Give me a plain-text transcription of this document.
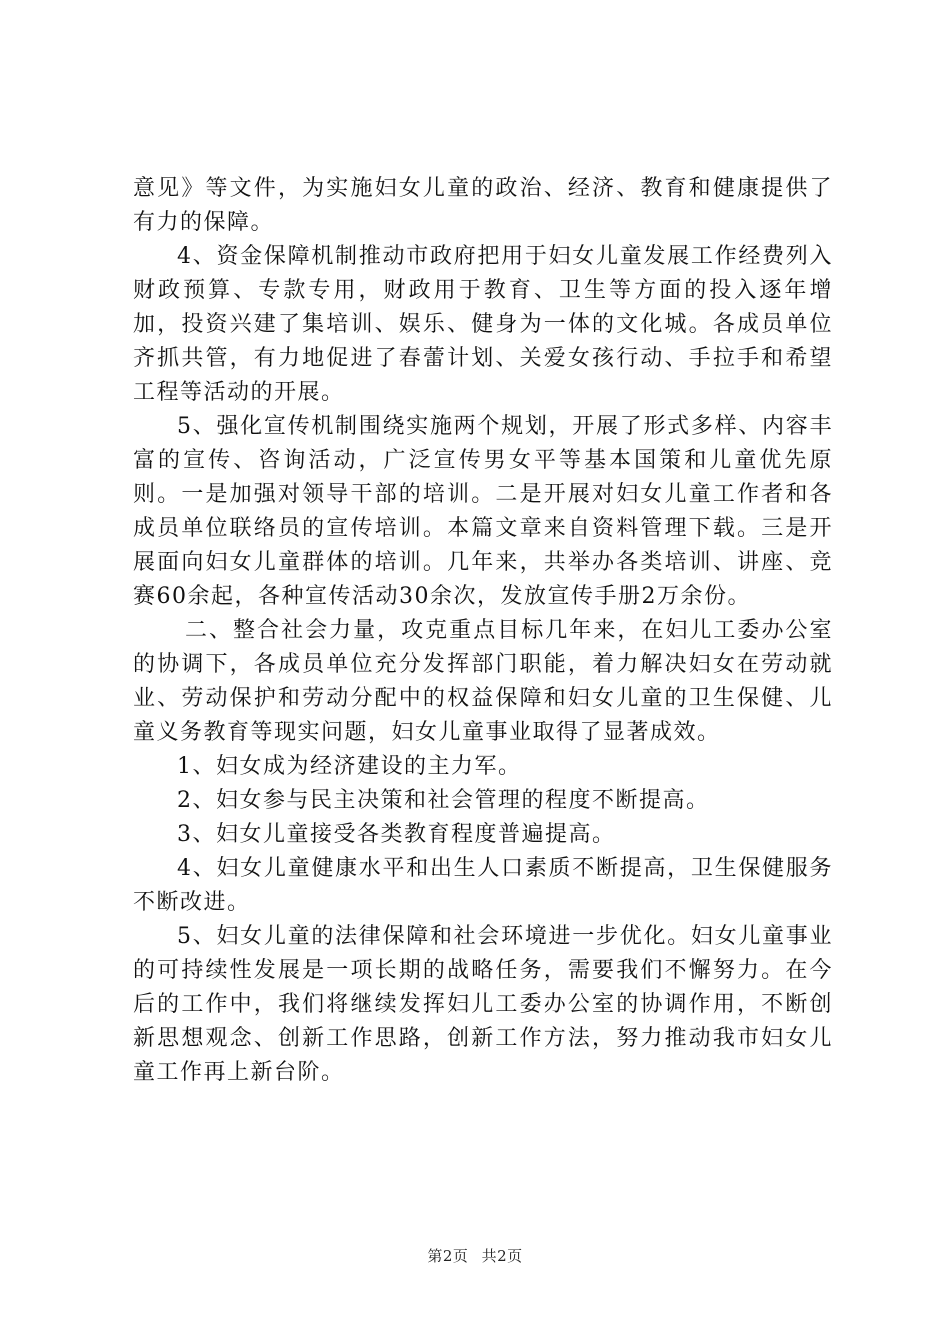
意见》等文件，为实施妇女儿童的政治、经济、教育和健康提供了有力的保障。

4、资金保障机制推动市政府把用于妇女儿童发展工作经费列入财政预算、专款专用，财政用于教育、卫生等方面的投入逐年增加，投资兴建了集培训、娱乐、健身为一体的文化城。各成员单位齐抓共管，有力地促进了春蕾计划、关爱女孩行动、手拉手和希望工程等活动的开展。

5、强化宣传机制围绕实施两个规划，开展了形式多样、内容丰富的宣传、咨询活动，广泛宣传男女平等基本国策和儿童优先原则。一是加强对领导干部的培训。二是开展对妇女儿童工作者和各成员单位联络员的宣传培训。本篇文章来自资料管理下载。三是开展面向妇女儿童群体的培训。几年来，共举办各类培训、讲座、竞赛60余起，各种宣传活动30余次，发放宣传手册2万余份。

二、整合社会力量，攻克重点目标几年来，在妇儿工委办公室的协调下，各成员单位充分发挥部门职能，着力解决妇女在劳动就业、劳动保护和劳动分配中的权益保障和妇女儿童的卫生保健、儿童义务教育等现实问题，妇女儿童事业取得了显著成效。

1、妇女成为经济建设的主力军。

2、妇女参与民主决策和社会管理的程度不断提高。

3、妇女儿童接受各类教育程度普遍提高。

4、妇女儿童健康水平和出生人口素质不断提高，卫生保健服务不断改进。

5、妇女儿童的法律保障和社会环境进一步优化。妇女儿童事业的可持续性发展是一项长期的战略任务，需要我们不懈努力。在今后的工作中，我们将继续发挥妇儿工委办公室的协调作用，不断创新思想观念、创新工作思路，创新工作方法，努力推动我市妇女儿童工作再上新台阶。

第2页 共2页
